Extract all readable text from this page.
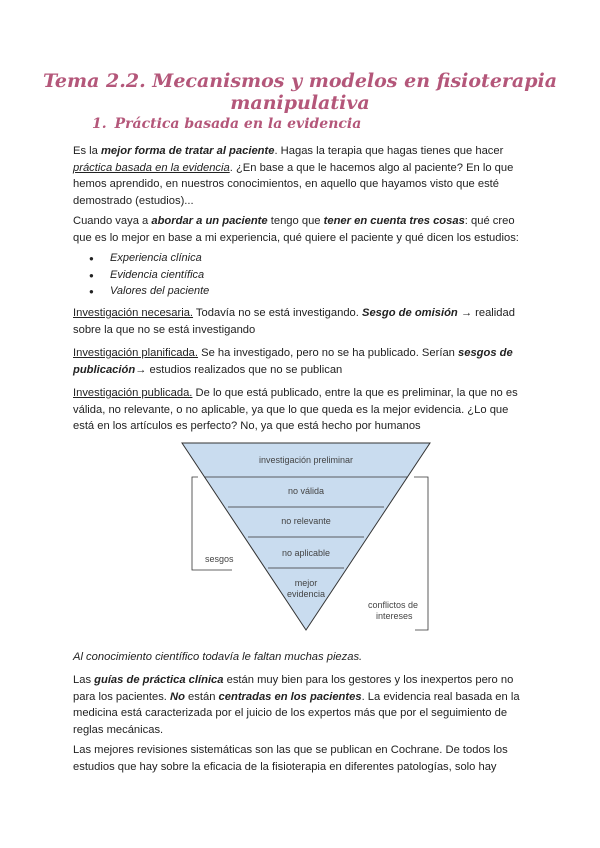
Tema 2.2. Mecanismos y modelos en fisioterapia manipulativa
1. Práctica basada en la evidencia
Es la mejor forma de tratar al paciente. Hagas la terapia que hagas tienes que hacer
práctica basada en la evidencia. ¿En base a que le hacemos algo al paciente? En lo que hemos aprendido, en nuestros conocimientos, en aquello que hayamos visto que esté demostrado (estudios)...
Cuando vaya a abordar a un paciente tengo que tener en cuenta tres cosas: qué creo que es lo mejor en base a mi experiencia, qué quiere el paciente y qué dicen los estudios:
● Experiencia clínica
● Evidencia científica
● Valores del paciente
Investigación necesaria. Todavía no se está investigando. Sesgo de omisión → realidad sobre la que no se está investigando
Investigación planificada. Se ha investigado, pero no se ha publicado. Serían sesgos de publicación→ estudios realizados que no se publican
Investigación publicada. De lo que está publicado, entre la que es preliminar, la que no es válida, no relevante, o no aplicable, ya que lo que queda es la mejor evidencia. ¿Lo que está en los artículos es perfecto? No, ya que está hecho por humanos
investigación preliminar
no válida
no relevante
no aplicable
mejor
evidencia
sesgos
conflictos de
intereses
Al conocimiento científico todavía le faltan muchas piezas.
Las guías de práctica clínica están muy bien para los gestores y los inexpertos pero no para los pacientes. No están centradas en los pacientes. La evidencia real basada en la medicina está caracterizada por el juicio de los expertos más que por el seguimiento de reglas mecánicas.
Las mejores revisiones sistemáticas son las que se publican en Cochrane. De todos los estudios que hay sobre la eficacia de la fisioterapia en diferentes patologías, solo hay
